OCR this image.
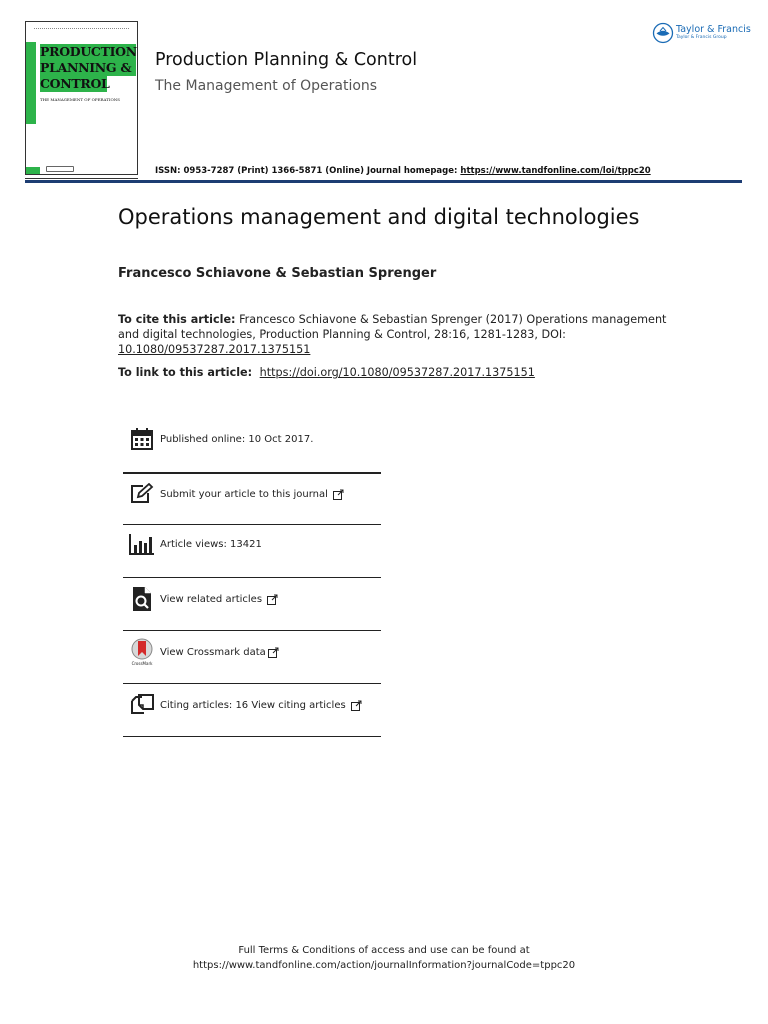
PRODUCTION
PLANNING &
CONTROL
THE MANAGEMENT OF OPERATIONS
Production Planning & Control
The Management of Operations
Taylor & Francis
Taylor & Francis Group
ISSN: 0953-7287 (Print) 1366-5871 (Online) Journal homepage: https://www.tandfonline.com/loi/tppc20
Operations management and digital technologies
Francesco Schiavone & Sebastian Sprenger
To cite this article: Francesco Schiavone & Sebastian Sprenger (2017) Operations management and digital technologies, Production Planning & Control, 28:16, 1281-1283, DOI:
10.1080/09537287.2017.1375151
To link to this article: https://doi.org/10.1080/09537287.2017.1375151
Published online: 10 Oct 2017.
Submit your article to this journal
Article views: 13421
View related articles
CrossMark
View Crossmark data
Citing articles: 16 View citing articles
Full Terms & Conditions of access and use can be found at
https://www.tandfonline.com/action/journalInformation?journalCode=tppc20
